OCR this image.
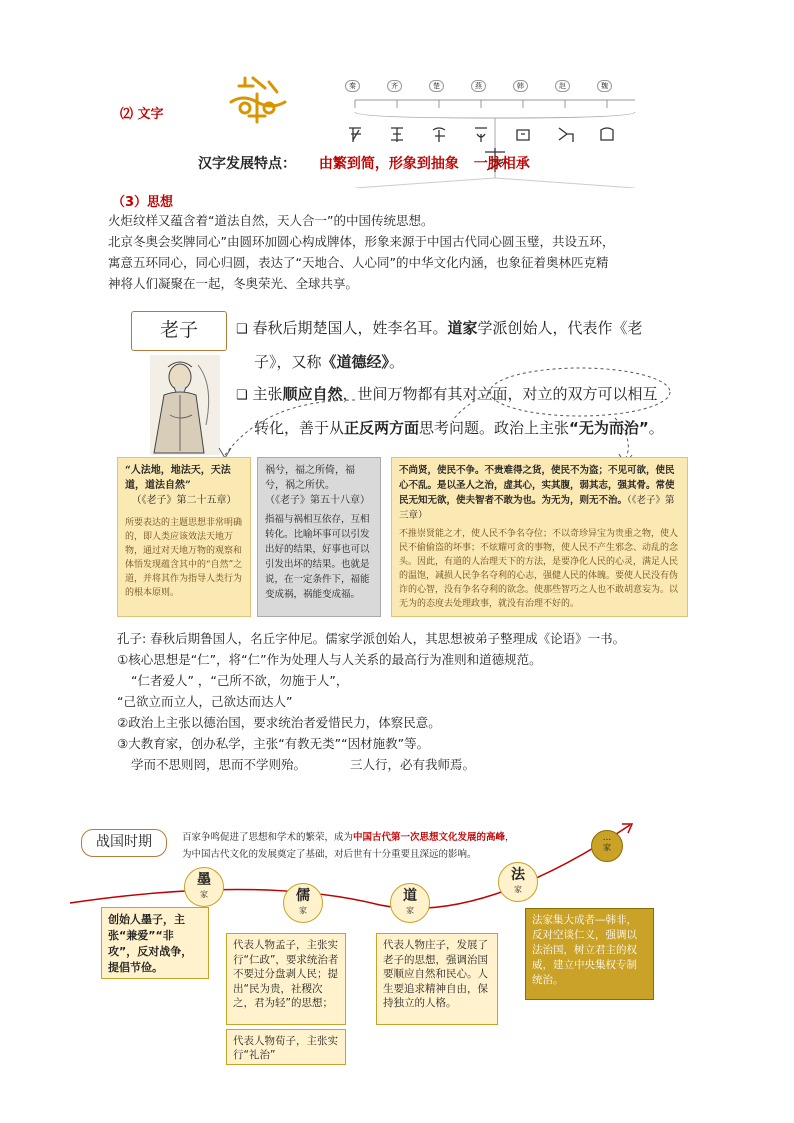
⑵ 文字
秦	齐	楚	燕	韩	赵	魏
汉字发展特点： 由繁到简，形象到抽象 一脉相承
（3）思想
火炬纹样又蕴含着“道法自然，天人合一”的中国传统思想。
北京冬奥会奖牌同心”由圆环加圆心构成牌体，形象来源于中国古代同心圆玉璧，共设五环，
寓意五环同心，同心归圆，表达了“天地合、人心同”的中华文化内涵，也象征着奥林匹克精
神将人们凝聚在一起，冬奥荣光、全球共享。
老子	❑ 春秋后期楚国人，姓李名耳。道家学派创始人，代表作《老
子》，又称《道德经》。
❑ 主张顺应自然，世间万物都有其对立面，对立的双方可以相互
转化，善于从正反两方面思考问题。政治上主张“无为而治”。
“人法地，地法天，天法道，道法自然”
（《老子》第二十五章）
所要表达的主题思想非常明确的，即人类应该效法天地万物，通过对天地万物的观察和体悟发现蕴含其中的“自然”之道，并将其作为指导人类行为的根本原则。
祸兮，福之所倚，福兮，祸之所伏。
（《老子》第五十八章）
指福与祸相互依存，互相转化。比喻坏事可以引发出好的结果，好事也可以引发出坏的结果。也就是说，在一定条件下，福能变成祸，祸能变成福。
不尚贤，使民不争。不贵难得之货，使民不为盗；不见可欲，使民心不乱。是以圣人之治，虚其心，实其腹，弱其志，强其骨。常使民无知无欲，使夫智者不敢为也。为无为，则无不治。（《老子》第三章）
不推崇贤能之才，使人民不争名夺位；不以奇珍异宝为贵重之物，使人民不偷偷盗的坏事；不炫耀可贪的事物，使人民不产生邪念、动乱的念头。因此，有道的人治理天下的方法，是要净化人民的心灵，满足人民的温饱，减损人民争名夺利的心志，强健人民的体魄。要使人民没有伪诈的心智，没有争名夺利的欲念。使那些智巧之人也不敢胡意妄为。以无为的态度去处理政事，就没有治理不好的。
孔子: 春秋后期鲁国人，名丘字仲尼。儒家学派创始人，其思想被弟子整理成《论语》一书。
①核心思想是“仁”，将“仁”作为处理人与人关系的最高行为准则和道德规范。
“仁者爱人” ，“己所不欲，勿施于人”，
“己欲立而立人，己欲达而达人”
②政治上主张以德治国，要求统治者爱惜民力，体察民意。
③大教育家，创办私学，主张“有教无类”“因材施教”等。
学而不思则罔，思而不学则殆。	三人行，必有我师焉。
战国时期	百家争鸣促进了思想和学术的繁荣，成为中国古代第一次思想文化发展的高峰，
为中国古代文化的发展奠定了基础，对后世有十分重要且深远的影响。
墨
家	儒
家
道
家
法
家
...
家
创始人墨子，主张“兼爱”“非攻”，反对战争，提倡节俭。
代表人物孟子，主张实行“仁政”，要求统治者不要过分盘剥人民；提出“民为贵，社稷次之，君为轻”的思想；
代表人物荀子，主张实行“礼治”
代表人物庄子，发展了老子的思想，强调治国要顺应自然和民心。人生要追求精神自由，保持独立的人格。
法家集大成者—韩非，反对空谈仁义，强调以法治国，树立君主的权威，建立中央集权专制统治。
